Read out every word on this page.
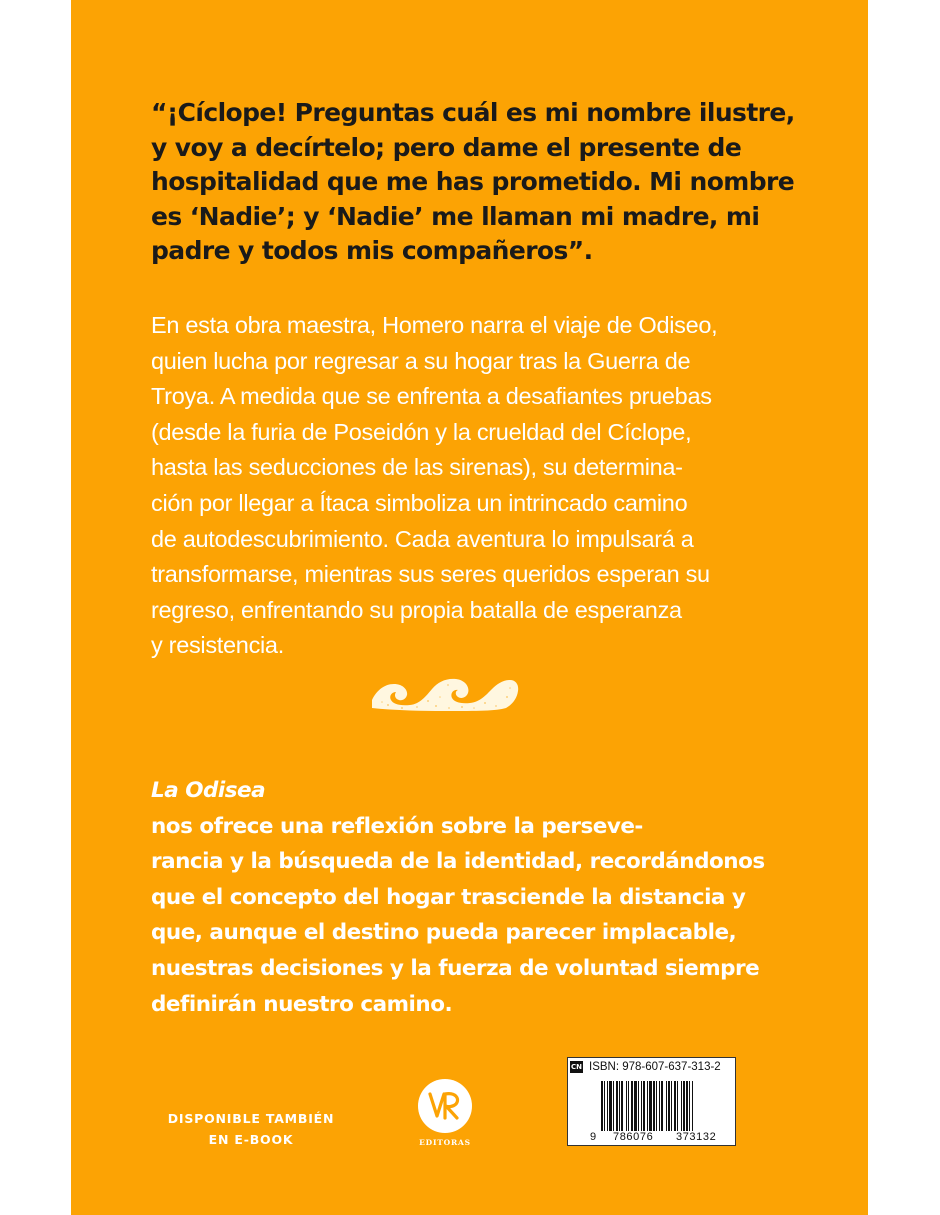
“¡Cíclope! Preguntas cuál es mi nombre ilustre,
y voy a decírtelo; pero dame el presente de
hospitalidad que me has prometido. Mi nombre
es ‘Nadie’; y ‘Nadie’ me llaman mi madre, mi
padre y todos mis compañeros”.

En esta obra maestra, Homero narra el viaje de Odiseo,
quien lucha por regresar a su hogar tras la Guerra de
Troya. A medida que se enfrenta a desafiantes pruebas
(desde la furia de Poseidón y la crueldad del Cíclope,
hasta las seducciones de las sirenas), su determina-
ción por llegar a Ítaca simboliza un intrincado camino
de autodescubrimiento. Cada aventura lo impulsará a
transformarse, mientras sus seres queridos esperan su
regreso, enfrentando su propia batalla de esperanza
y resistencia.

La Odisea
nos ofrece una reflexión sobre la perseve-
rancia y la búsqueda de la identidad, recordándonos
que el concepto del hogar trasciende la distancia y
que, aunque el destino pueda parecer implacable,
nuestras decisiones y la fuerza de voluntad siempre
definirán nuestro camino.

DISPONIBLE TAMBIÉN
EN E-BOOK	EDITORAS
CN ISBN: 978-607-637-313-2
9 786076 373132
